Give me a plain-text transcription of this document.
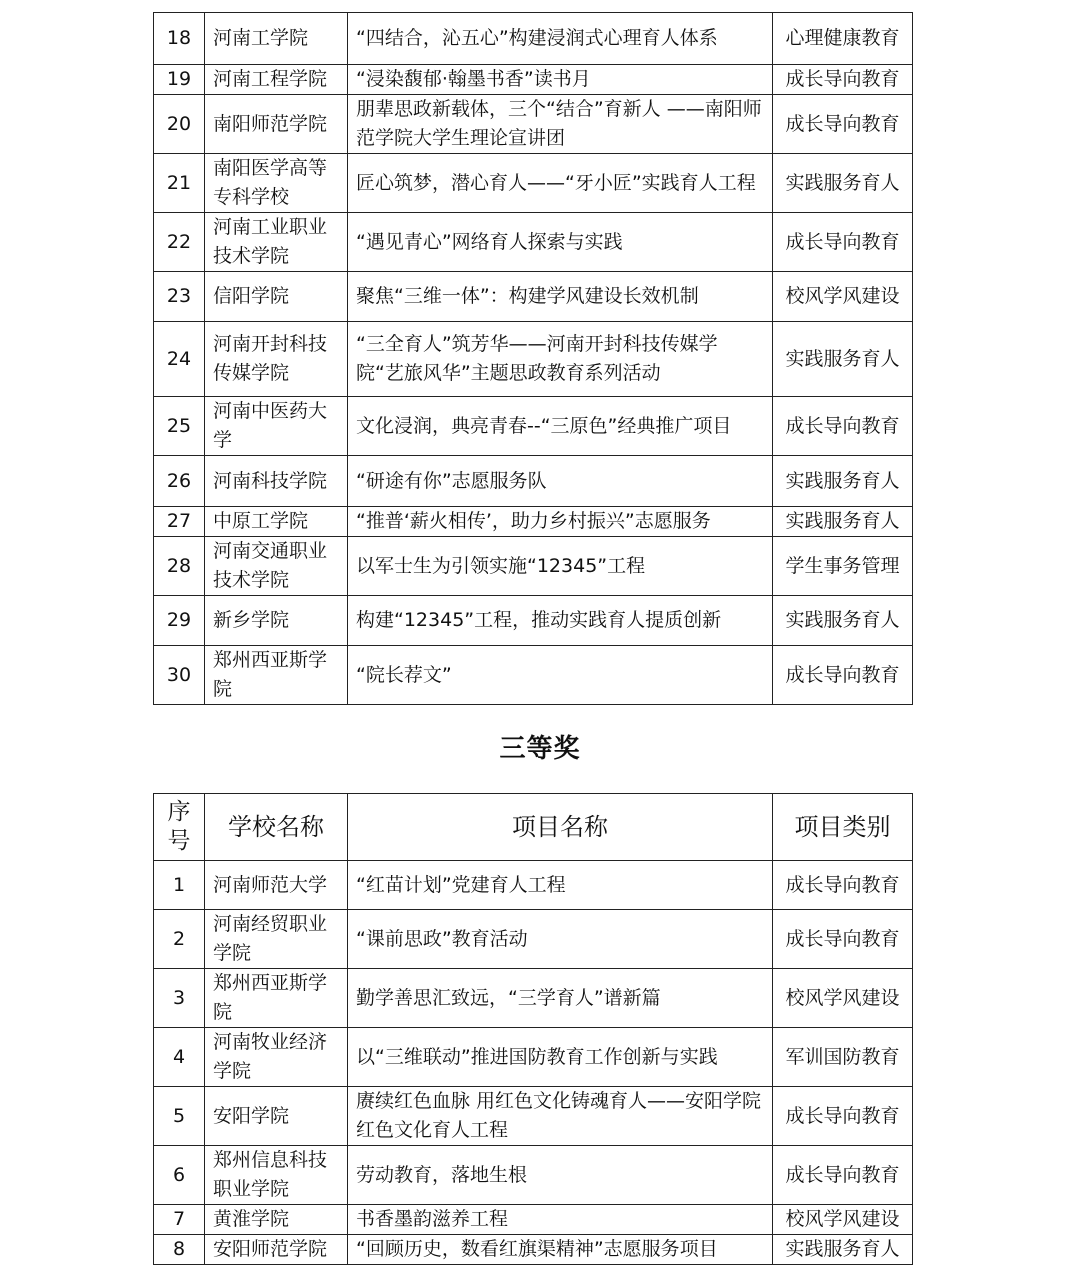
18	河南工学院	“四结合，沁五心”构建浸润式心理育人体系	心理健康教育
19	河南工程学院	“浸染馥郁·翰墨书香”读书月	成长导向教育
20	南阳师范学院	朋辈思政新载体，三个“结合”育新人 ——南阳师范学院大学生理论宣讲团	成长导向教育
21	南阳医学高等专科学校	匠心筑梦，潜心育人——“牙小匠”实践育人工程	实践服务育人
22	河南工业职业技术学院	“遇见青心”网络育人探索与实践	成长导向教育
23	信阳学院	聚焦“三维一体”：构建学风建设长效机制	校风学风建设
24	河南开封科技传媒学院	“三全育人”筑芳华——河南开封科技传媒学院“艺旅风华”主题思政教育系列活动	实践服务育人
25	河南中医药大学	文化浸润，典亮青春--“三原色”经典推广项目	成长导向教育
26	河南科技学院	“研途有你”志愿服务队	实践服务育人
27	中原工学院	“推普‘薪火相传’，助力乡村振兴”志愿服务	实践服务育人
28	河南交通职业技术学院	以军士生为引领实施“12345”工程	学生事务管理
29	新乡学院	构建“12345”工程，推动实践育人提质创新	实践服务育人
30	郑州西亚斯学院	“院长荐文”	成长导向教育
三等奖
序号	学校名称	项目名称	项目类别
1	河南师范大学	“红苗计划”党建育人工程	成长导向教育
2	河南经贸职业学院	“课前思政”教育活动	成长导向教育
3	郑州西亚斯学院	勤学善思汇致远，“三学育人”谱新篇	校风学风建设
4	河南牧业经济学院	以“三维联动”推进国防教育工作创新与实践	军训国防教育
5	安阳学院	赓续红色血脉 用红色文化铸魂育人——安阳学院红色文化育人工程	成长导向教育
6	郑州信息科技职业学院	劳动教育，落地生根	成长导向教育
7	黄淮学院	书香墨韵滋养工程	校风学风建设
8	安阳师范学院	“回顾历史，数看红旗渠精神”志愿服务项目	实践服务育人
